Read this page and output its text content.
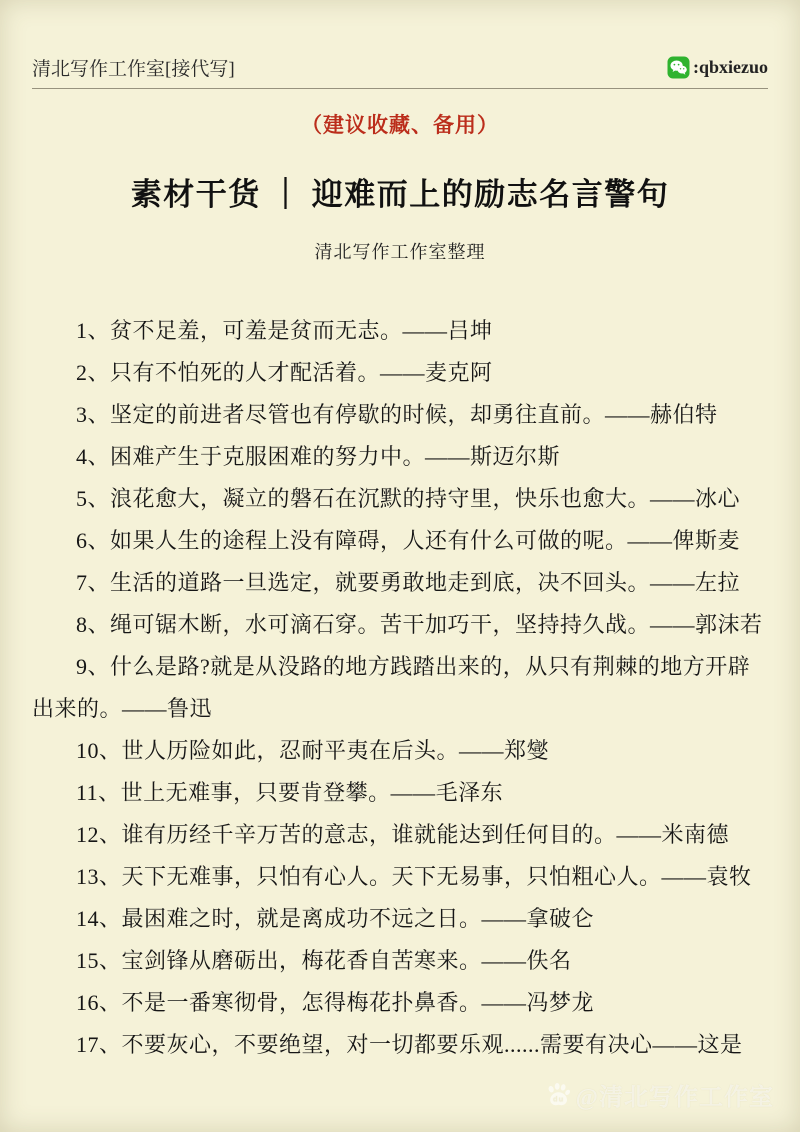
清北写作工作室[接代写]	:qbxiezuo
（建议收藏、备用）
素材干货 ｜ 迎难而上的励志名言警句
清北写作工作室整理

1、贫不足羞，可羞是贫而无志。——吕坤

2、只有不怕死的人才配活着。——麦克阿

3、坚定的前进者尽管也有停歇的时候，却勇往直前。——赫伯特

4、困难产生于克服困难的努力中。——斯迈尔斯

5、浪花愈大，凝立的磐石在沉默的持守里，快乐也愈大。——冰心

6、如果人生的途程上没有障碍，人还有什么可做的呢。——俾斯麦

7、生活的道路一旦选定，就要勇敢地走到底，决不回头。——左拉

8、绳可锯木断，水可滴石穿。苦干加巧干，坚持持久战。——郭沫若

9、什么是路?就是从没路的地方践踏出来的，从只有荆棘的地方开辟出来的。——鲁迅

10、世人历险如此，忍耐平夷在后头。——郑燮

11、世上无难事，只要肯登攀。——毛泽东

12、谁有历经千辛万苦的意志，谁就能达到任何目的。——米南德

13、天下无难事，只怕有心人。天下无易事，只怕粗心人。——袁牧

14、最困难之时，就是离成功不远之日。——拿破仑

15、宝剑锋从磨砺出，梅花香自苦寒来。——佚名

16、不是一番寒彻骨，怎得梅花扑鼻香。——冯梦龙

17、不要灰心，不要绝望，对一切都要乐观......需要有决心——这是

du @清北写作工作室
